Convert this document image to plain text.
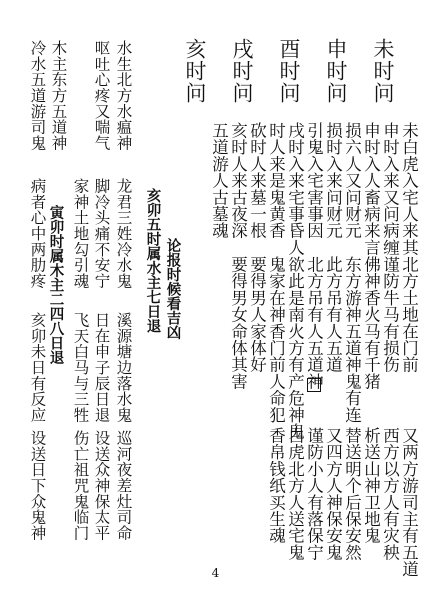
未时问
申时问
酉时问
戌时问
亥时问
未白虎入宅人来其
申时入来又问病缠
申时入人畜病来言
损六人又问财元
损时入来问财元
引鬼入宅害事因
戌时入来宅事昏人
时人来是鬼黄香
砍时人来墓一根
亥时人来古夜深
五道游人古墓魂
北方土地在门前
谨防牛马有损伤
佛神香火马有千猪
东方游神五道神鬼有连
此方吊有人五道
北方吊有人五道神
欲此是南火方有产危神鬼
鬼家在神香门前人命犯
要得男人家体好
要得男女命体其害
又两方游司主有五道
西方以方人有灾秧
析送山神卫地鬼
替送明个后保安然
又四方人神保安鬼
谨防小人有落保宁
白虎北方人送宅鬼
香帛钱纸买生魂
论报时候看吉凶
亥卯五时属水主七日退
寅卯时属木主二四八日退
水生北方水瘟神
呕吐心疼又喘气
冷水五道游司鬼 木主东方五道神
龙君三姓冷水鬼
脚冷头痛不安宁
家神土地勾引魂
病者心中两肋疼
溪源塘边落水鬼
日在申子辰日退
飞天白马与三牲
亥卯未日有反应
巡河夜差灶司命
设送众神保太平
伤亡祖咒鬼临门
设送日下众鬼神
4
